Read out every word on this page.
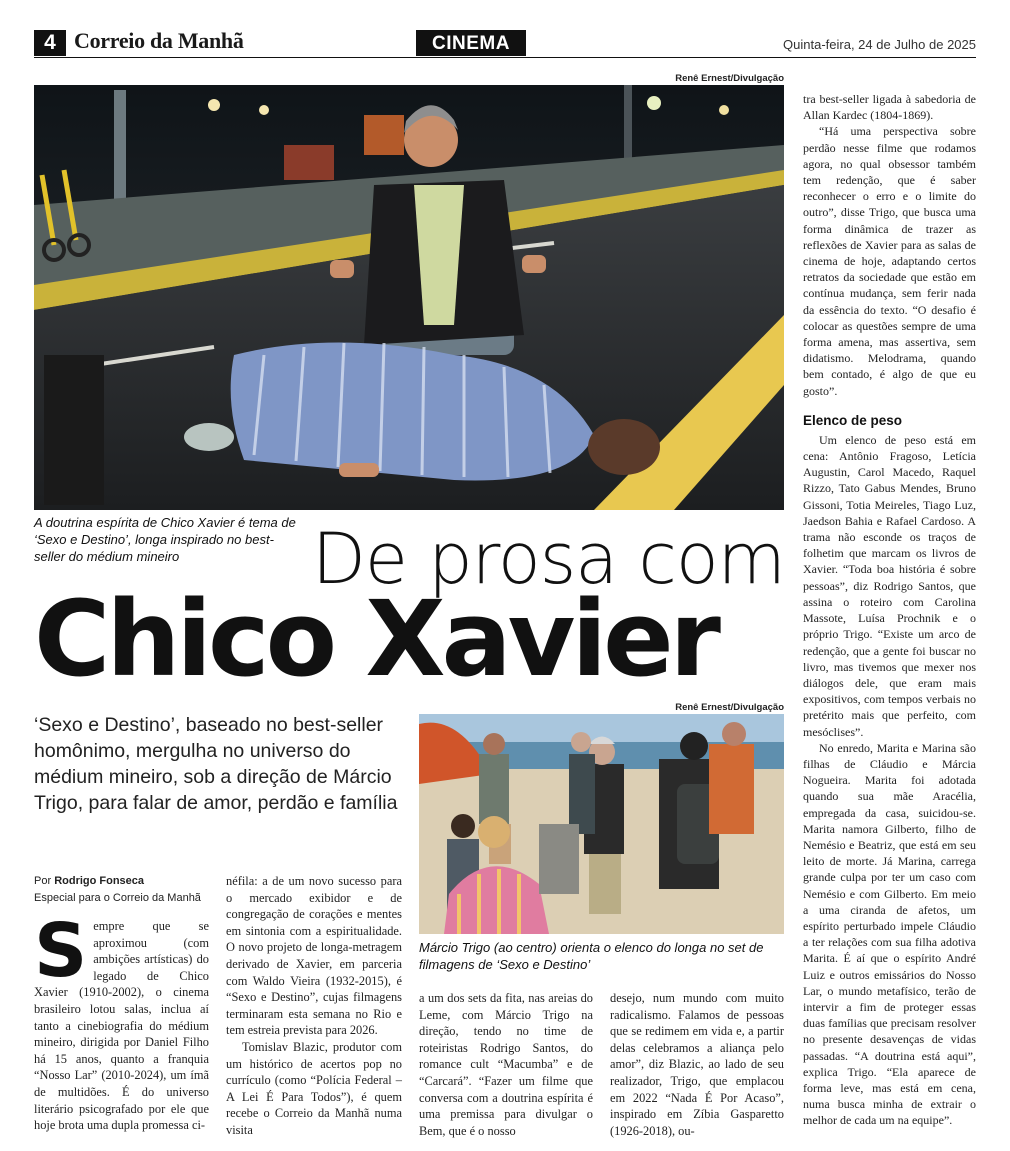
4 Correio da Manhã	CINEMA	Quinta-feira, 24 de Julho de 2025
Renê Ernest/Divulgação
A doutrina espírita de Chico Xavier é tema de ‘Sexo e Destino’, longa inspirado no best-seller do médium mineiro	De prosa com
Chico Xavier
‘Sexo e Destino’, baseado no best-seller homônimo, mergulha no universo do médium mineiro, sob a direção de Márcio Trigo, para falar de amor, perdão e família
Renê Ernest/Divulgação
Márcio Trigo (ao centro) orienta o elenco do longa no set de filmagens de ‘Sexo e Destino’
Por Rodrigo Fonseca
Especial para o Correio da Manhã

Sempre que se aproximou (com ambições artísticas) do legado de Chico Xavier (1910-2002), o cinema brasileiro lotou salas, inclua aí tanto a cinebiografia do médium mineiro, dirigida por Daniel Filho há 15 anos, quanto a franquia “Nosso Lar” (2010-2024), um ímã de multidões. É do universo literário psicografado por ele que hoje brota uma dupla promessa ci-

néfila: a de um novo sucesso para o mercado exibidor e de congregação de corações e mentes em sintonia com a espiritualidade. O novo projeto de longa-metragem derivado de Xavier, em parceria com Waldo Vieira (1932-2015), é “Sexo e Destino”, cujas filmagens terminaram esta semana no Rio e tem estreia prevista para 2026.

Tomislav Blazic, produtor com um histórico de acertos pop no currículo (como “Polícia Federal – A Lei É Para Todos”), é quem recebe o Correio da Manhã numa visita

a um dos sets da fita, nas areias do Leme, com Márcio Trigo na direção, tendo no time de roteiristas Rodrigo Santos, do romance cult “Macumba” e de “Carcará”. “Fazer um filme que conversa com a doutrina espírita é uma premissa para divulgar o Bem, que é o nosso

desejo, num mundo com muito radicalismo. Falamos de pessoas que se redimem em vida e, a partir delas celebramos a aliança pelo amor”, diz Blazic, ao lado de seu realizador, Trigo, que emplacou em 2022 “Nada É Por Acaso”, inspirado em Zíbia Gasparetto (1926-2018), ou-

tra best-seller ligada à sabedoria de Allan Kardec (1804-1869).

“Há uma perspectiva sobre perdão nesse filme que rodamos agora, no qual obsessor também tem redenção, que é saber reconhecer o erro e o limite do outro”, disse Trigo, que busca uma forma dinâmica de trazer as reflexões de Xavier para as salas de cinema de hoje, adaptando certos retratos da sociedade que estão em contínua mudança, sem ferir nada da essência do texto. “O desafio é colocar as questões sempre de uma forma amena, mas assertiva, sem didatismo. Melodrama, quando bem contado, é algo de que eu gosto”.

Elenco de peso

Um elenco de peso está em cena: Antônio Fragoso, Letícia Augustin, Carol Macedo, Raquel Rizzo, Tato Gabus Mendes, Bruno Gissoni, Totia Meireles, Tiago Luz, Jaedson Bahia e Rafael Cardoso. A trama não esconde os traços de folhetim que marcam os livros de Xavier. “Toda boa história é sobre pessoas”, diz Rodrigo Santos, que assina o roteiro com Carolina Massote, Luísa Prochnik e o próprio Trigo. “Existe um arco de redenção, que a gente foi buscar no livro, mas tivemos que mexer nos diálogos dele, que eram mais expositivos, com tempos verbais no pretérito mais que perfeito, com mesóclises”.

No enredo, Marita e Marina são filhas de Cláudio e Márcia Nogueira. Marita foi adotada quando sua mãe Aracélia, empregada da casa, suicidou-se. Marita namora Gilberto, filho de Nemésio e Beatriz, que está em seu leito de morte. Já Marina, carrega grande culpa por ter um caso com Nemésio e com Gilberto. Em meio a uma ciranda de afetos, um espírito perturbado impele Cláudio a ter relações com sua filha adotiva Marita. É aí que o espírito André Luiz e outros emissários do Nosso Lar, o mundo metafísico, terão de intervir a fim de proteger essas duas famílias que precisam resolver no presente desavenças de vidas passadas. “A doutrina está aqui”, explica Trigo. “Ela aparece de forma leve, mas está em cena, numa busca minha de extrair o melhor de cada um na equipe”.
